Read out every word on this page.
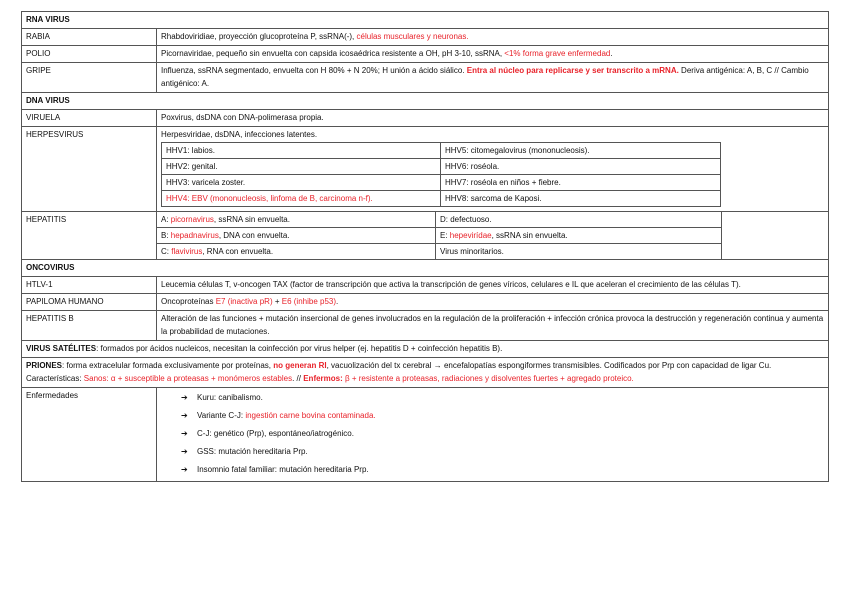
RNA VIRUS
RABIA	Rhabdoviridiae, proyección glucoproteína P, ssRNA(-), células musculares y neuronas.
POLIO	Picornaviridae, pequeño sin envuelta con capsida icosaédrica resistente a OH, pH 3-10, ssRNA, <1% forma grave enfermedad.
GRIPE	Influenza, ssRNA segmentado, envuelta con H 80% + N 20%; H unión a ácido siálico. Entra al núcleo para replicarse y ser transcrito a mRNA. Deriva antigénica: A, B, C // Cambio antigénico: A.
DNA VIRUS
VIRUELA	Poxvirus, dsDNA con DNA-polimerasa propia.
HERPESVIRUS	Herpesviridae, dsDNA, infecciones latentes.
HHV1: labios.	HHV5: citomegalovirus (mononucleosis).
HHV2: genital.	HHV6: roséola.
HHV3: varicela zoster.	HHV7: roséola en niños + fiebre.
HHV4: EBV (mononucleosis, linfoma de B, carcinoma n-f).	HHV8: sarcoma de Kaposi.

HEPATITIS		A: picornavirus, ssRNA sin envuelta.	D: defectuoso.
B: hepadnavirus, DNA con envuelta.	E: hepevirídae, ssRNA sin envuelta.
C: flavivirus, RNA con envuelta.	Virus minoritarios.

ONCOVIRUS
HTLV-1	Leucemia células T, v-oncogen TAX (factor de transcripción que activa la transcripción de genes víricos, celulares e IL que aceleran el crecimiento de las células T).
PAPILOMA HUMANO	Oncoproteínas E7 (inactiva pR) + E6 (inhibe p53).
HEPATITIS B	Alteración de las funciones + mutación insercional de genes involucrados en la regulación de la proliferación + infección crónica provoca la destrucción y regeneración continua y aumenta la probabilidad de mutaciones.
VIRUS SATÉLITES: formados por ácidos nucleicos, necesitan la coinfección por virus helper (ej. hepatitis D + coinfección hepatitis B).
PRIONES: forma extracelular formada exclusivamente por proteínas, no generan RI, vacuolización del tx cerebral → encefalopatías espongiformes transmisibles. Codificados por Prp con capacidad de ligar Cu. Características: Sanos: α + susceptible a proteasas + monómeros estables. // Enfermos: β + resistente a proteasas, radiaciones y disolventes fuertes + agregado proteico.
Enfermedades	➔ Kuru: canibalismo.
➔ Variante C-J: ingestión carne bovina contaminada.
➔ C-J: genético (Prp), espontáneo/iatrogénico.
➔ GSS: mutación hereditaria Prp.
➔ Insomnio fatal familiar: mutación hereditaria Prp.
